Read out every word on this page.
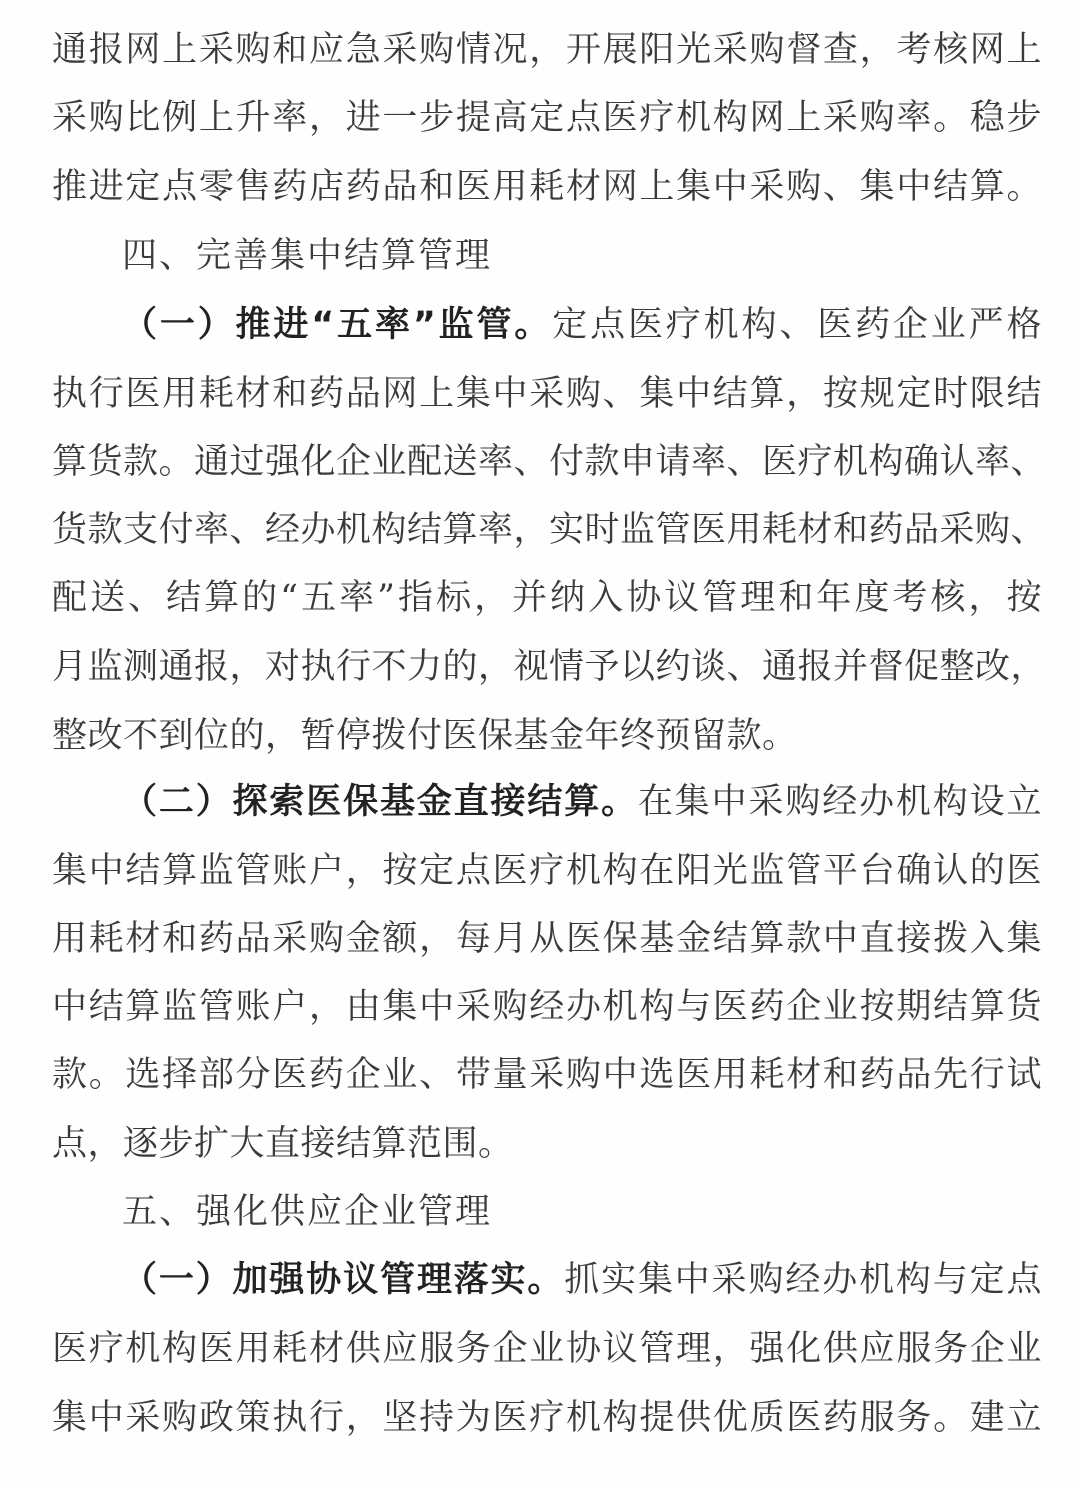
通报网上采购和应急采购情况，开展阳光采购督查，考核网上
采购比例上升率，进一步提高定点医疗机构网上采购率。稳步
推进定点零售药店药品和医用耗材网上集中采购、集中结算。
四、完善集中结算管理
（一）推进“五率”监管。定点医疗机构、医药企业严格
执行医用耗材和药品网上集中采购、集中结算，按规定时限结
算货款。通过强化企业配送率、付款申请率、医疗机构确认率、
货款支付率、经办机构结算率，实时监管医用耗材和药品采购、
配送、结算的“五率”指标，并纳入协议管理和年度考核，按
月监测通报，对执行不力的，视情予以约谈、通报并督促整改，
整改不到位的，暂停拨付医保基金年终预留款。
（二）探索医保基金直接结算。在集中采购经办机构设立
集中结算监管账户，按定点医疗机构在阳光监管平台确认的医
用耗材和药品采购金额，每月从医保基金结算款中直接拨入集
中结算监管账户，由集中采购经办机构与医药企业按期结算货
款。选择部分医药企业、带量采购中选医用耗材和药品先行试
点，逐步扩大直接结算范围。
五、强化供应企业管理
（一）加强协议管理落实。抓实集中采购经办机构与定点
医疗机构医用耗材供应服务企业协议管理，强化供应服务企业
集中采购政策执行，坚持为医疗机构提供优质医药服务。建立
